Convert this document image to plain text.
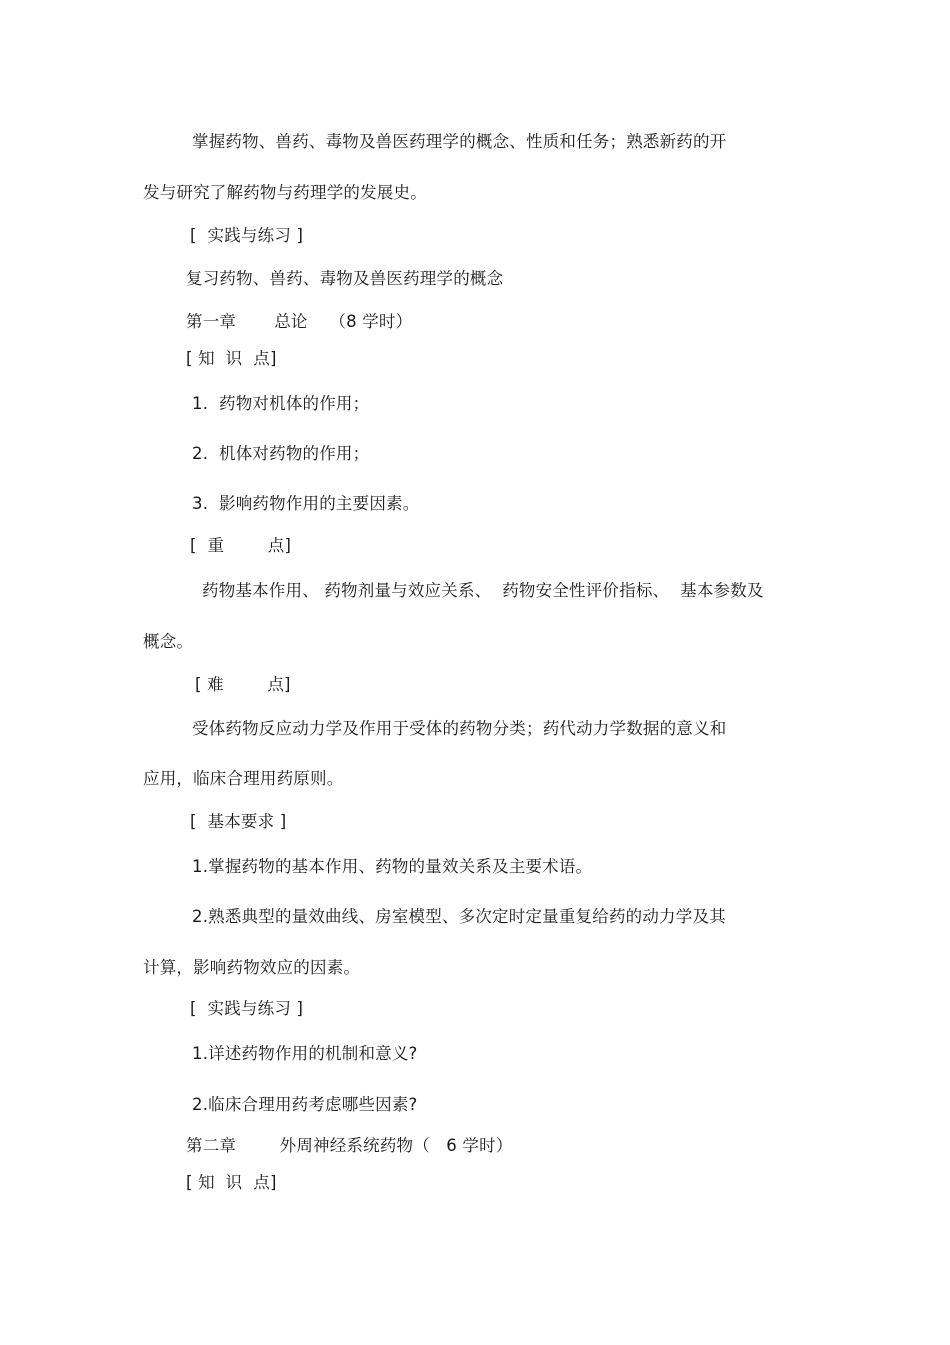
掌握药物、兽药、毒物及兽医药理学的概念、性质和任务；熟悉新药的开

发与研究了解药物与药理学的发展史。

[  实践与练习 ]

复习药物、兽药、毒物及兽医药理学的概念

第一章       总论    （8 学时）

[ 知  识  点]

1.  药物对机体的作用；

2.  机体对药物的作用；

3.  影响药物作用的主要因素。

[  重        点]

药物基本作用、 药物剂量与效应关系、  药物安全性评价指标、  基本参数及

概念。

[ 难        点]

受体药物反应动力学及作用于受体的药物分类；药代动力学数据的意义和

应用，临床合理用药原则。

[  基本要求 ]

1.掌握药物的基本作用、药物的量效关系及主要术语。

2.熟悉典型的量效曲线、房室模型、多次定时定量重复给药的动力学及其

计算，影响药物效应的因素。

[  实践与练习 ]

1.详述药物作用的机制和意义?

2.临床合理用药考虑哪些因素?

第二章        外周神经系统药物（   6 学时）

[ 知  识  点]
